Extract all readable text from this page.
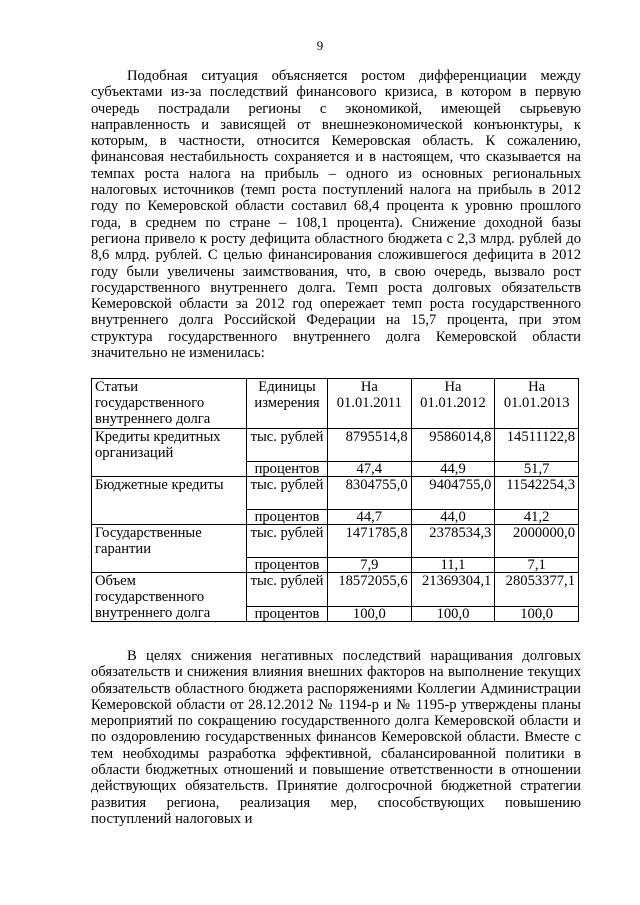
9

Подобная ситуация объясняется ростом дифференциации между субъектами из-за последствий финансового кризиса, в котором в первую очередь пострадали регионы с экономикой, имеющей сырьевую направленность и зависящей от внешнеэкономической конъюнктуры, к которым, в частности, относится Кемеровская область. К сожалению, финансовая нестабильность сохраняется и в настоящем, что сказывается на темпах роста налога на прибыль – одного из основных региональных налоговых источников (темп роста поступлений налога на прибыль в 2012 году по Кемеровской области составил 68,4 процента к уровню прошлого года, в среднем по стране – 108,1 процента). Снижение доходной базы региона привело к росту дефицита областного бюджета с 2,3 млрд. рублей до 8,6 млрд. рублей. С целью финансирования сложившегося дефицита в 2012 году были увеличены заимствования, что, в свою очередь, вызвало рост государственного внутреннего долга. Темп роста долговых обязательств Кемеровской области за 2012 год опережает темп роста государственного внутреннего долга Российской Федерации на 15,7 процента, при этом структура государственного внутреннего долга Кемеровской области значительно не изменилась:

Статьи государственного внутреннего долга	Единицы измерения	На 01.01.2011	На 01.01.2012	На 01.01.2013
Кредиты кредитных организаций	тыс. рублей	8795514,8	9586014,8	14511122,8
	процентов	47,4	44,9	51,7
Бюджетные кредиты	тыс. рублей	8304755,0	9404755,0	11542254,3
	процентов	44,7	44,0	41,2
Государственные гарантии	тыс. рублей	1471785,8	2378534,3	2000000,0
	процентов	7,9	11,1	7,1
Объем государственного внутреннего долга	тыс. рублей	18572055,6	21369304,1	28053377,1
	процентов	100,0	100,0	100,0

В целях снижения негативных последствий наращивания долговых обязательств и снижения влияния внешних факторов на выполнение текущих обязательств областного бюджета распоряжениями Коллегии Администрации Кемеровской области от 28.12.2012 № 1194-р и № 1195-р утверждены планы мероприятий по сокращению государственного долга Кемеровской области и по оздоровлению государственных финансов Кемеровской области. Вместе с тем необходимы разработка эффективной, сбалансированной политики в области бюджетных отношений и повышение ответственности в отношении действующих обязательств. Принятие долгосрочной бюджетной стратегии развития региона, реализация мер, способствующих повышению поступлений налоговых и
